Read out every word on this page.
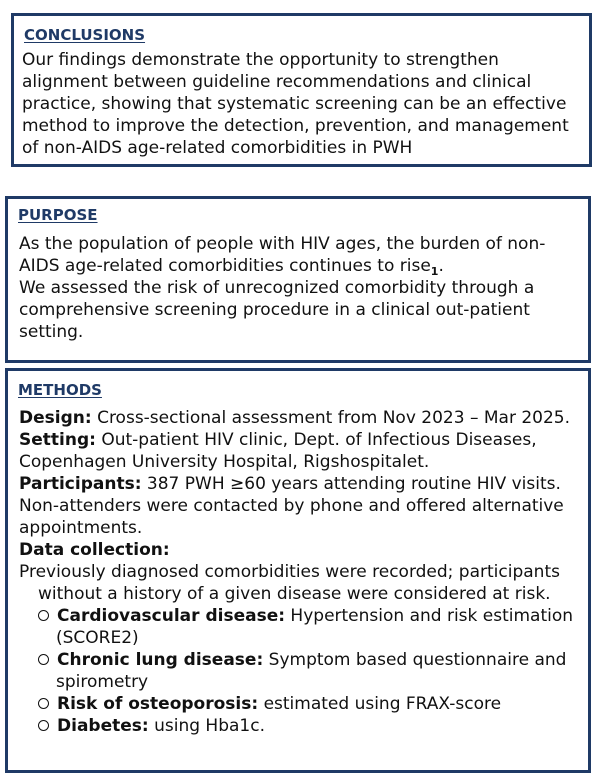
CONCLUSIONS
Our findings demonstrate the opportunity to strengthen
alignment between guideline recommendations and clinical
practice, showing that systematic screening can be an effective
method to improve the detection, prevention, and management
of non-AIDS age-related comorbidities in PWH
PURPOSE
As the population of people with HIV ages, the burden of non-
AIDS age-related comorbidities continues to rise$_1$.
We assessed the risk of unrecognized comorbidity through a
comprehensive screening procedure in a clinical out-patient
setting.
METHODS
Design: Cross-sectional assessment from Nov 2023 – Mar 2025.
Setting: Out-patient HIV clinic, Dept. of Infectious Diseases,
Copenhagen University Hospital, Rigshospitalet.
Participants: 387 PWH ≥60 years attending routine HIV visits.
Non-attenders were contacted by phone and offered alternative
appointments.
Data collection:
Previously diagnosed comorbidities were recorded; participants
without a history of a given disease were considered at risk.
Cardiovascular disease: Hypertension and risk estimation
(SCORE2)
Chronic lung disease: Symptom based questionnaire and
spirometry
Risk of osteoporosis: estimated using FRAX-score
Diabetes: using Hba1c.
